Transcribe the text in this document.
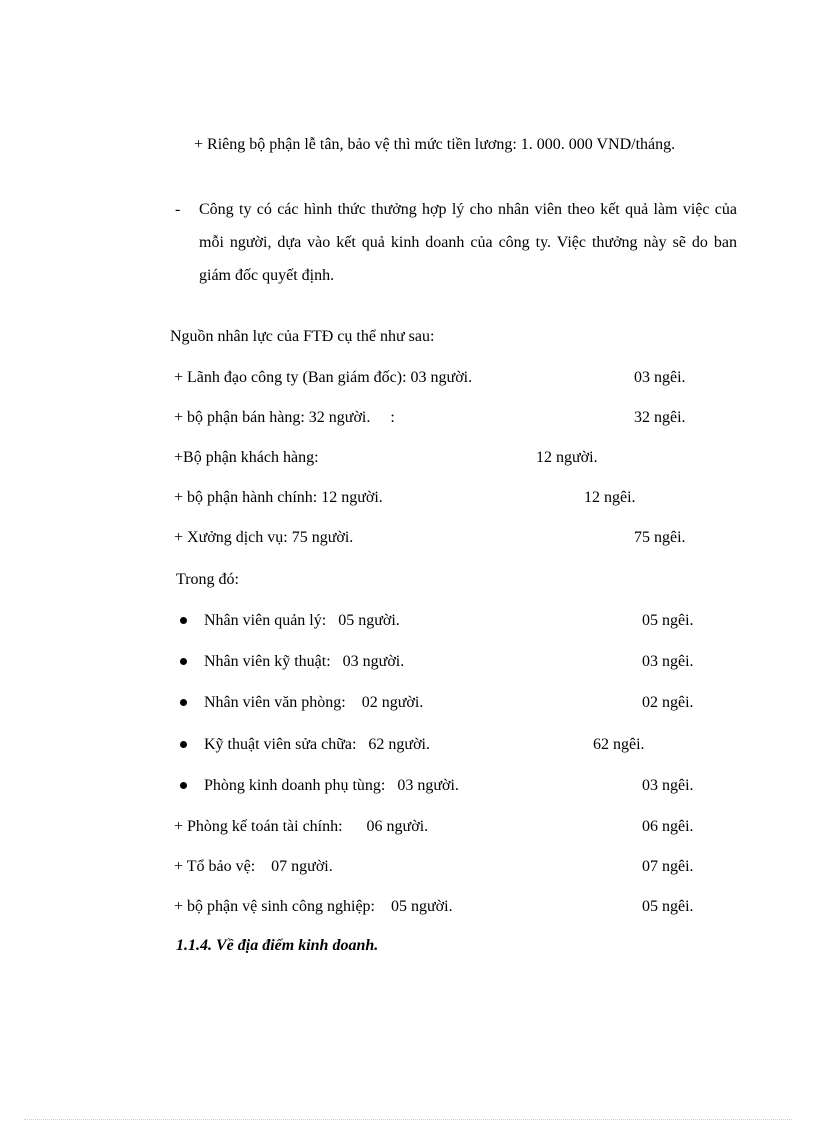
+ Riêng bộ phận lễ tân, bảo vệ thì mức tiền lương: 1. 000. 000 VND/tháng.
- Công ty có các hình thức thưởng hợp lý cho nhân viên theo kết quả làm việc của mỗi người, dựa vào kết quả kinh doanh của công ty. Việc thưởng này sẽ do ban giám đốc quyết định.
Nguồn nhân lực của FTĐ cụ thể như sau:
+ Lãnh đạo công ty (Ban giám đốc): 03 người.	03 ngêi.
+ bộ phận bán hàng: 32 người.     :	32 ngêi.
+Bộ phận khách hàng:	12 người.
+ bộ phận hành chính: 12 người.	12 ngêi.
+ Xưởng dịch vụ: 75 người.	75 ngêi.
Trong đó:
Nhân viên quản lý:   05 người.	05 ngêi.
Nhân viên kỹ thuật:   03 người.	03 ngêi.
Nhân viên văn phòng:    02 người.	02 ngêi.
Kỹ thuật viên sửa chữa:   62 người.	62 ngêi.
Phòng kinh doanh phụ tùng:   03 người.	03 ngêi.
+ Phòng kế toán tài chính:      06 người.	06 ngêi.
+ Tổ bảo vệ:    07 người.	07 ngêi.
+ bộ phận vệ sinh công nghiệp:    05 người.	05 ngêi.
1.1.4. Về địa điểm kinh doanh.
